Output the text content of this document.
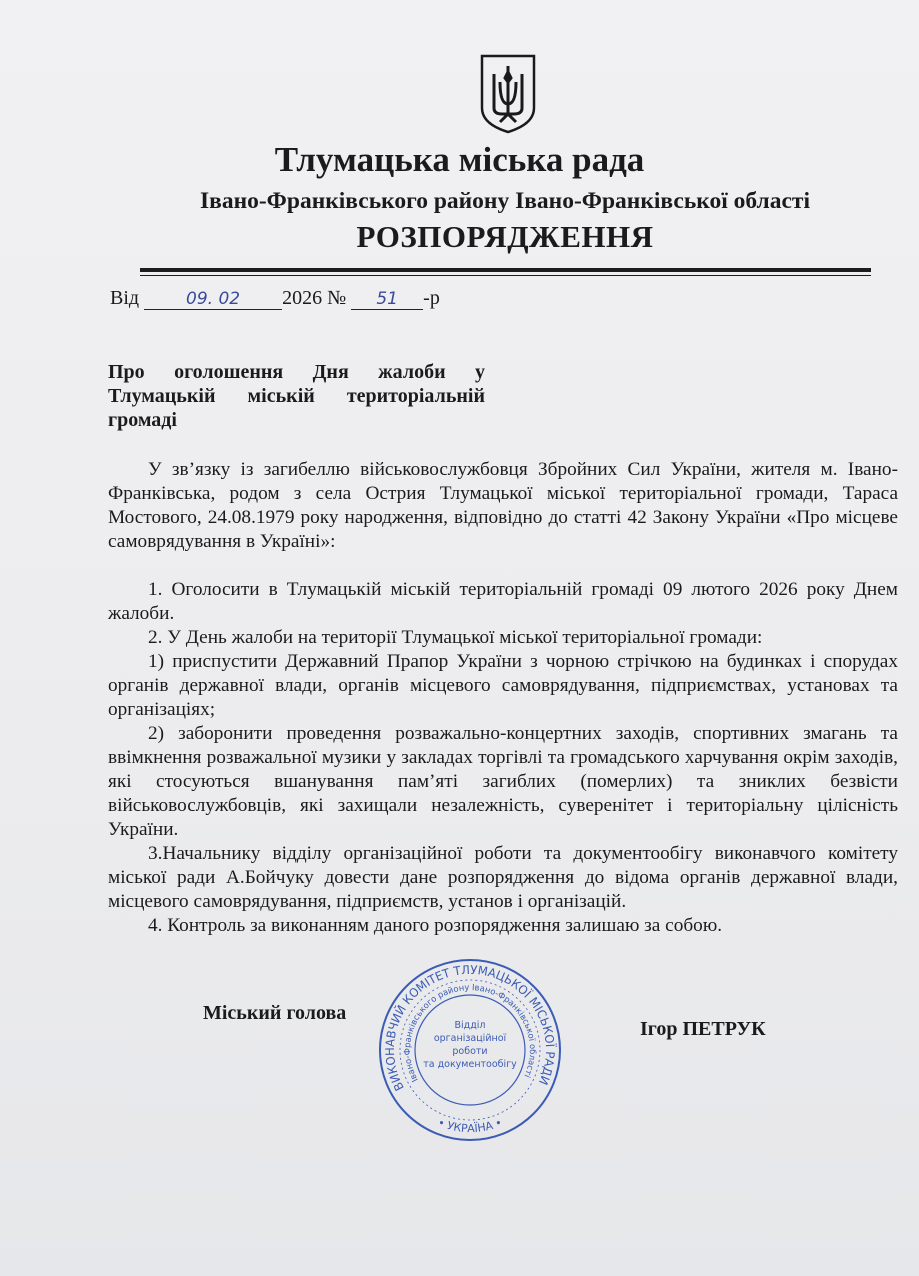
Тлумацька міська рада
Івано-Франківського району Івано-Франківської області
РОЗПОРЯДЖЕННЯ
Від	09. 02 2026 № 51 -р
Про оголошення Дня жалоби у Тлумацькій міській територіальній громаді

У зв’язку із загибеллю військовослужбовця Збройних Сил України, жителя м. Івано-Франківська, родом з села Острия Тлумацької міської територіальної громади, Тараса Мостового, 24.08.1979 року народження, відповідно до статті 42 Закону України «Про місцеве самоврядування в Україні»:

1. Оголосити в Тлумацькій міській територіальній громаді 09 лютого 2026 року Днем жалоби.

2. У День жалоби на території Тлумацької міської територіальної громади:

1) приспустити Державний Прапор України з чорною стрічкою на будинках і спорудах органів державної влади, органів місцевого самоврядування, підприємствах, установах та організаціях;

2) заборонити проведення розважально-концертних заходів, спортивних змагань та ввімкнення розважальної музики у закладах торгівлі та громадського харчування окрім заходів, які стосуються вшанування пам’яті загиблих (померлих) та зниклих безвісти військовослужбовців, які захищали незалежність, суверенітет і територіальну цілісність України.

3.Начальнику відділу організаційної роботи та документообігу виконавчого комітету міської ради А.Бойчуку довести дане розпорядження до відома органів державної влади, місцевого самоврядування, підприємств, установ і організацій.

4. Контроль за виконанням даного розпорядження залишаю за собою.

Міський голова
Ігор ПЕТРУК
ВИКОНАВЧИЙ КОМІТЕТ ТЛУМАЦЬКОЇ МІСЬКОЇ РАДИ
Івано-Франківського району Івано-Франківської області
• УКРАЇНА •
Відділ
організаційної
роботи
та документообігу
